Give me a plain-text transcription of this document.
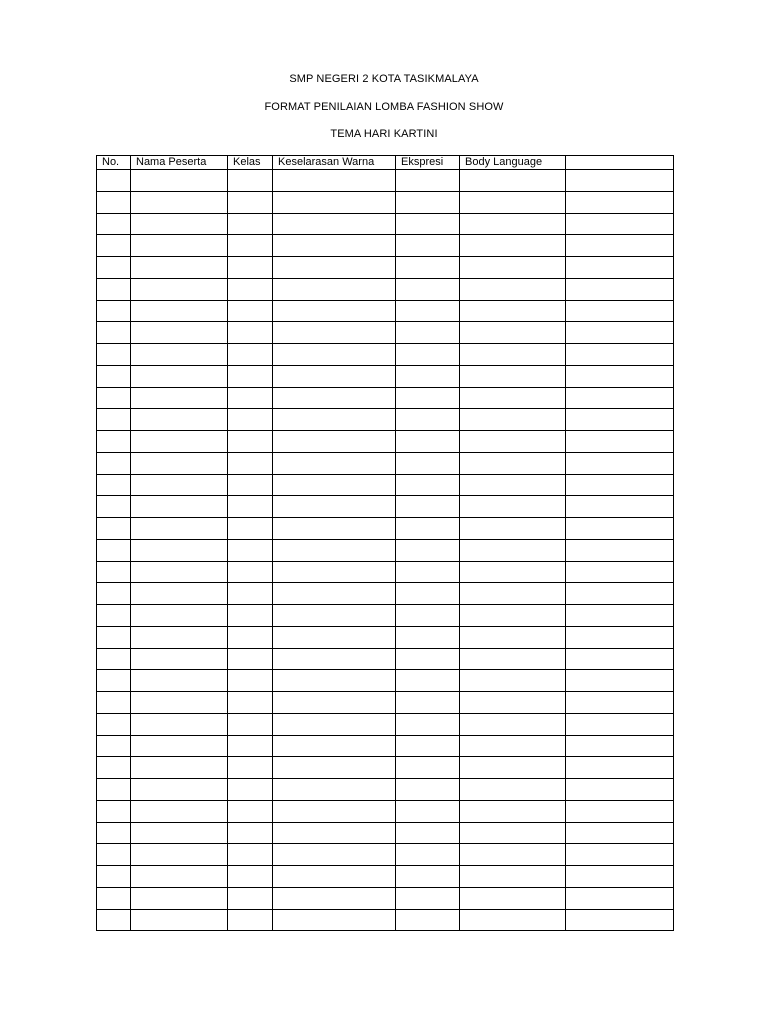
SMP NEGERI 2 KOTA TASIKMALAYA
FORMAT PENILAIAN LOMBA FASHION SHOW
TEMA HARI KARTINI
No.	Nama Peserta	Kelas	Keselarasan Warna	Ekspresi	Body Language	
